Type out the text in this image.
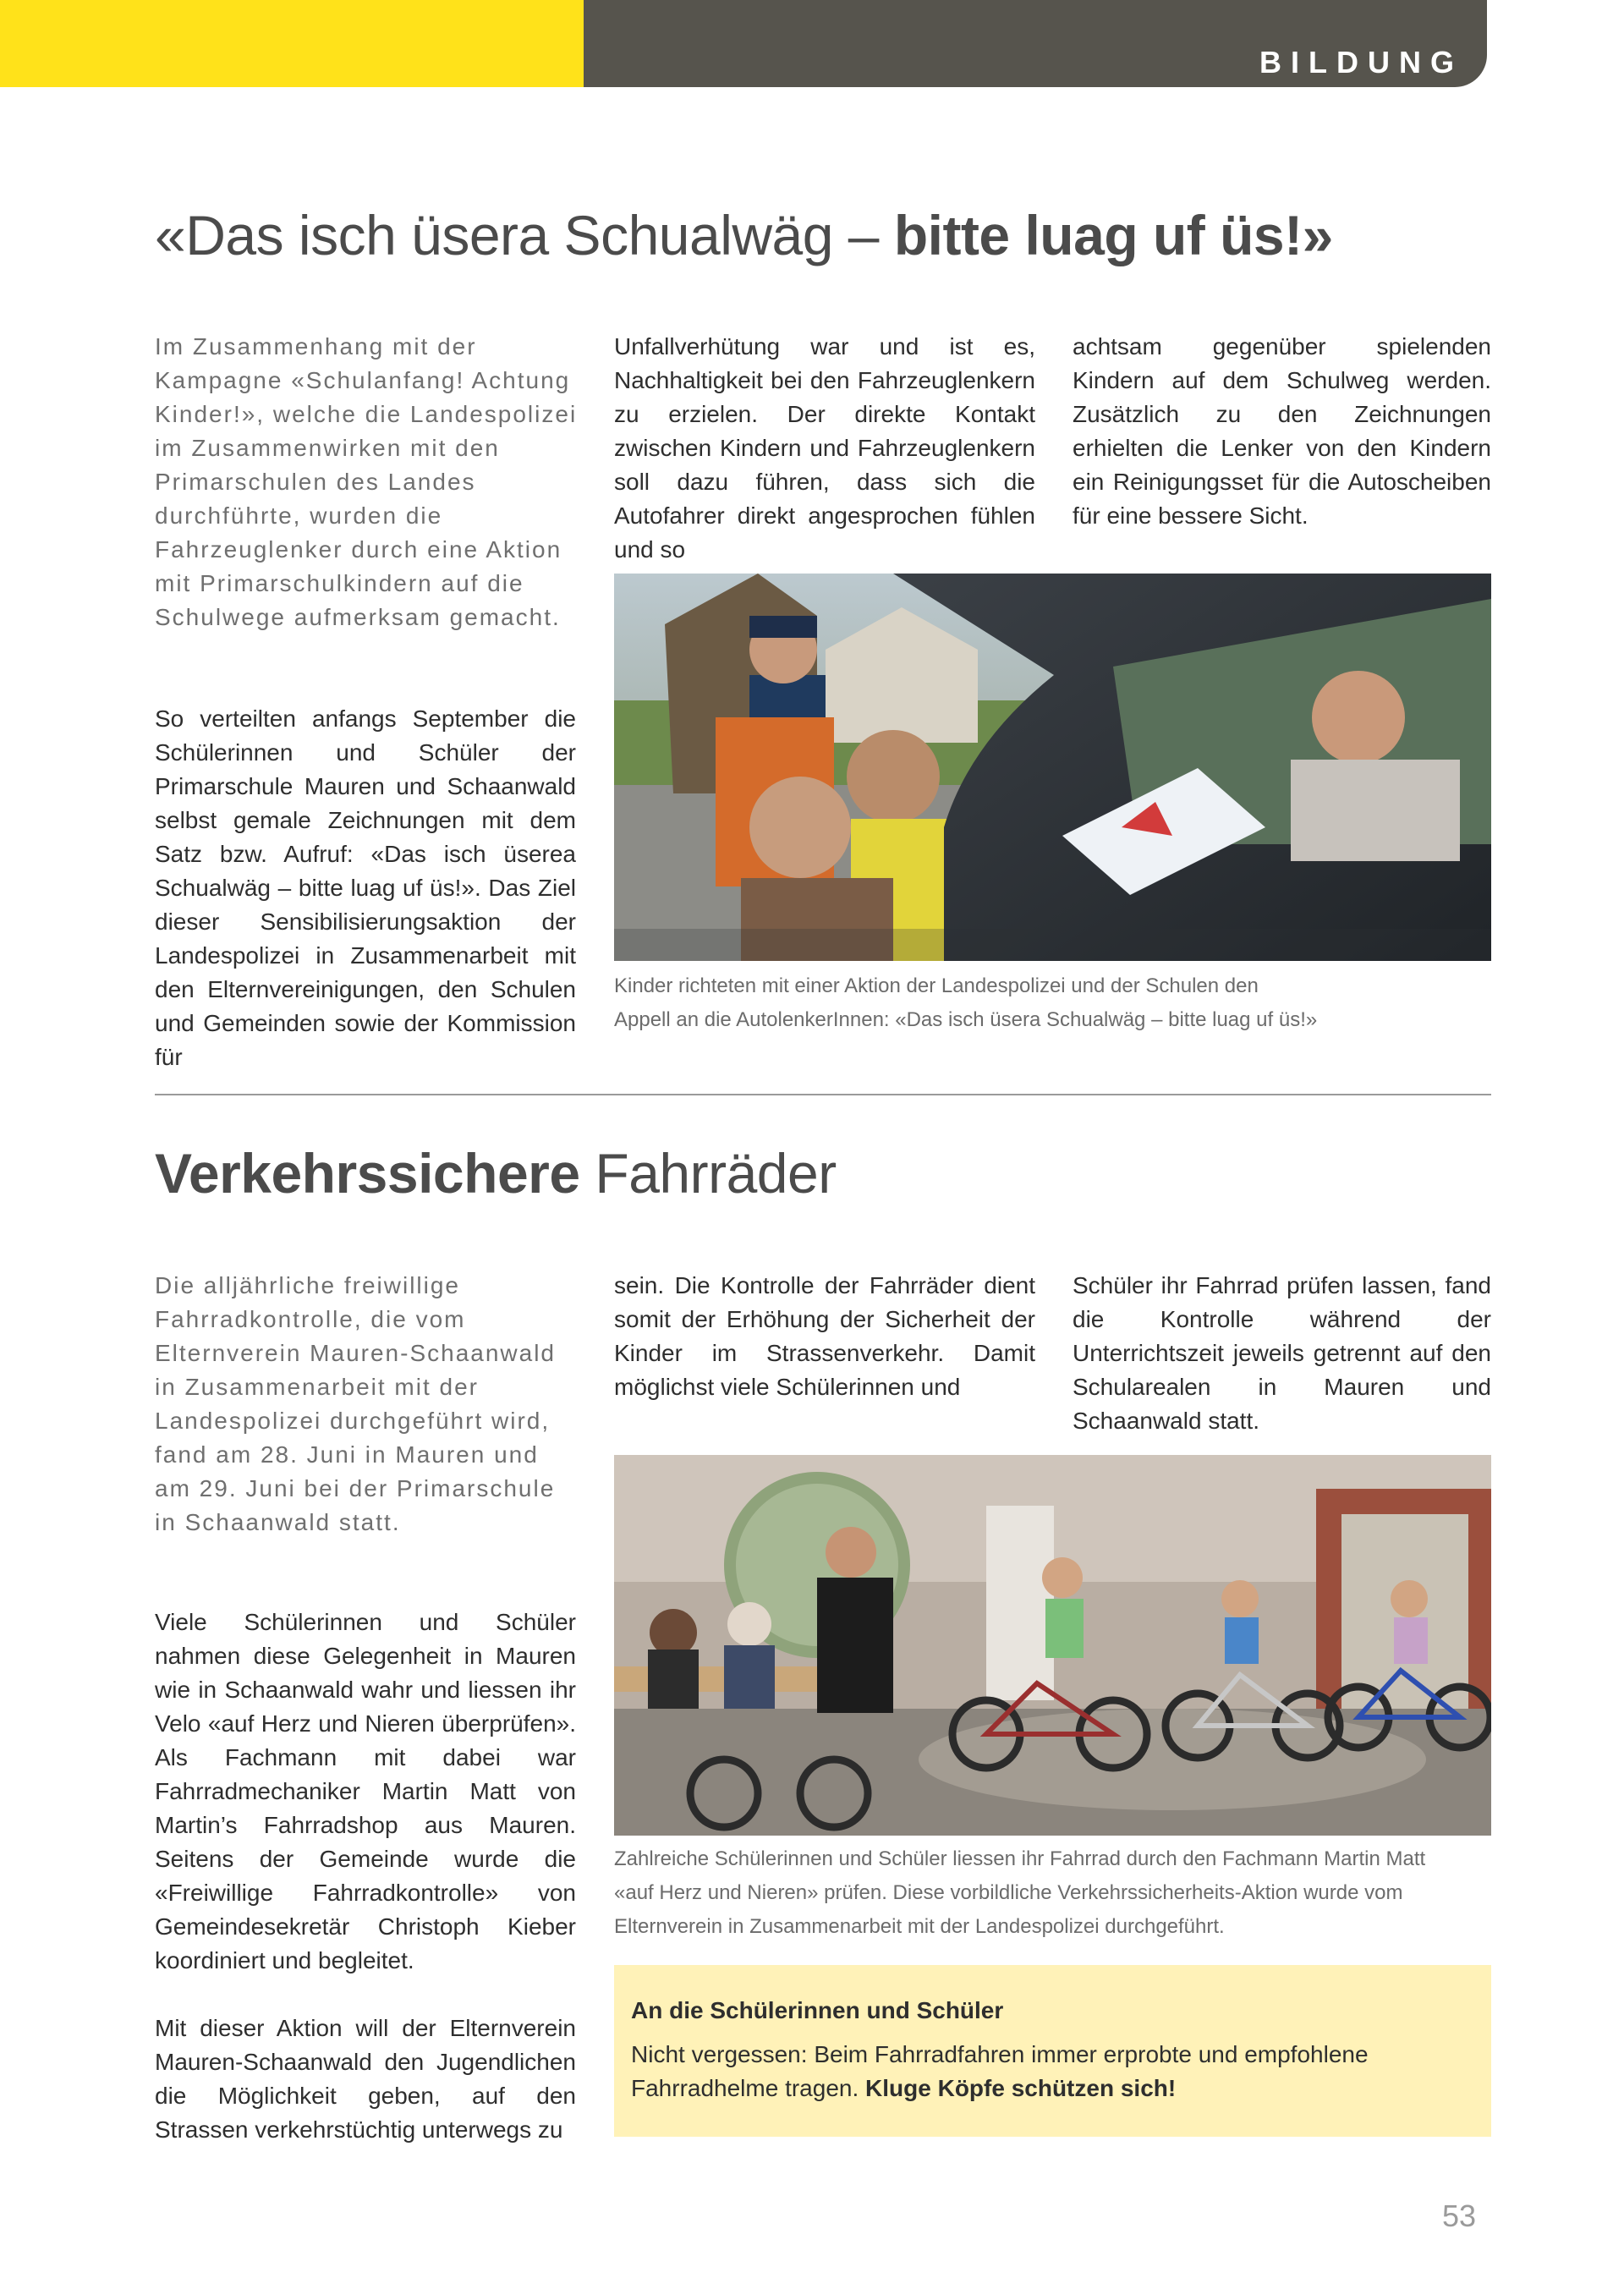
BILDUNG
«Das isch üsera Schualwäg – bitte luag uf üs!»
Im Zusammenhang mit der Kampagne «Schulanfang! Achtung Kinder!», welche die Landespolizei im Zusammenwirken mit den Primarschulen des Landes durchführte, wurden die Fahrzeuglenker durch eine Aktion mit Primarschulkindern auf die Schulwege aufmerksam gemacht.
So verteilten anfangs September die Schülerinnen und Schüler der Primarschule Mauren und Schaanwald selbst gemale Zeichnungen mit dem Satz bzw. Aufruf: «Das isch üserea Schualwäg – bitte luag uf üs!». Das Ziel dieser Sensibilisierungsaktion der Landespolizei in Zusammenarbeit mit den Elternvereinigungen, den Schulen und Gemeinden sowie der Kommission für
Unfallverhütung war und ist es, Nachhaltigkeit bei den Fahrzeuglenkern zu erzielen. Der direkte Kontakt zwischen Kindern und Fahrzeuglenkern soll dazu führen, dass sich die Autofahrer direkt angesprochen fühlen und so
achtsam gegenüber spielenden Kindern auf dem Schulweg werden. Zusätzlich zu den Zeichnungen erhielten die Lenker von den Kindern ein Reinigungsset für die Autoscheiben für eine bessere Sicht.
Kinder richteten mit einer Aktion der Landespolizei und der Schulen den
Appell an die AutolenkerInnen: «Das isch üsera Schualwäg – bitte luag uf üs!»
Verkehrssichere Fahrräder
Die alljährliche freiwillige Fahrradkontrolle, die vom Elternverein Mauren-Schaanwald in Zusammenarbeit mit der Landespolizei durchgeführt wird, fand am 28. Juni in Mauren und am 29. Juni bei der Primarschule in Schaanwald statt.
Viele Schülerinnen und Schüler nahmen diese Gelegenheit in Mauren wie in Schaanwald wahr und liessen ihr Velo «auf Herz und Nieren überprüfen». Als Fachmann mit dabei war Fahrradmechaniker Martin Matt von Martin’s Fahrradshop aus Mauren. Seitens der Gemeinde wurde die «Freiwillige Fahrradkontrolle» von Gemeindesekretär Christoph Kieber koordiniert und begleitet.
Mit dieser Aktion will der Elternverein Mauren-Schaanwald den Jugendlichen die Möglichkeit geben, auf den Strassen verkehrstüchtig unterwegs zu
sein. Die Kontrolle der Fahrräder dient somit der Erhöhung der Sicherheit der Kinder im Strassenverkehr. Damit möglichst viele Schülerinnen und
Schüler ihr Fahrrad prüfen lassen, fand die Kontrolle während der Unterrichtszeit jeweils getrennt auf den Schularealen in Mauren und Schaanwald statt.
Zahlreiche Schülerinnen und Schüler liessen ihr Fahrrad durch den Fachmann Martin Matt
«auf Herz und Nieren» prüfen. Diese vorbildliche Verkehrssicherheits-Aktion wurde vom
Elternverein in Zusammenarbeit mit der Landespolizei durchgeführt.

An die Schülerinnen und Schüler

Nicht vergessen: Beim Fahrradfahren immer erprobte und empfohlene Fahrradhelme tragen. Kluge Köpfe schützen sich!

53
